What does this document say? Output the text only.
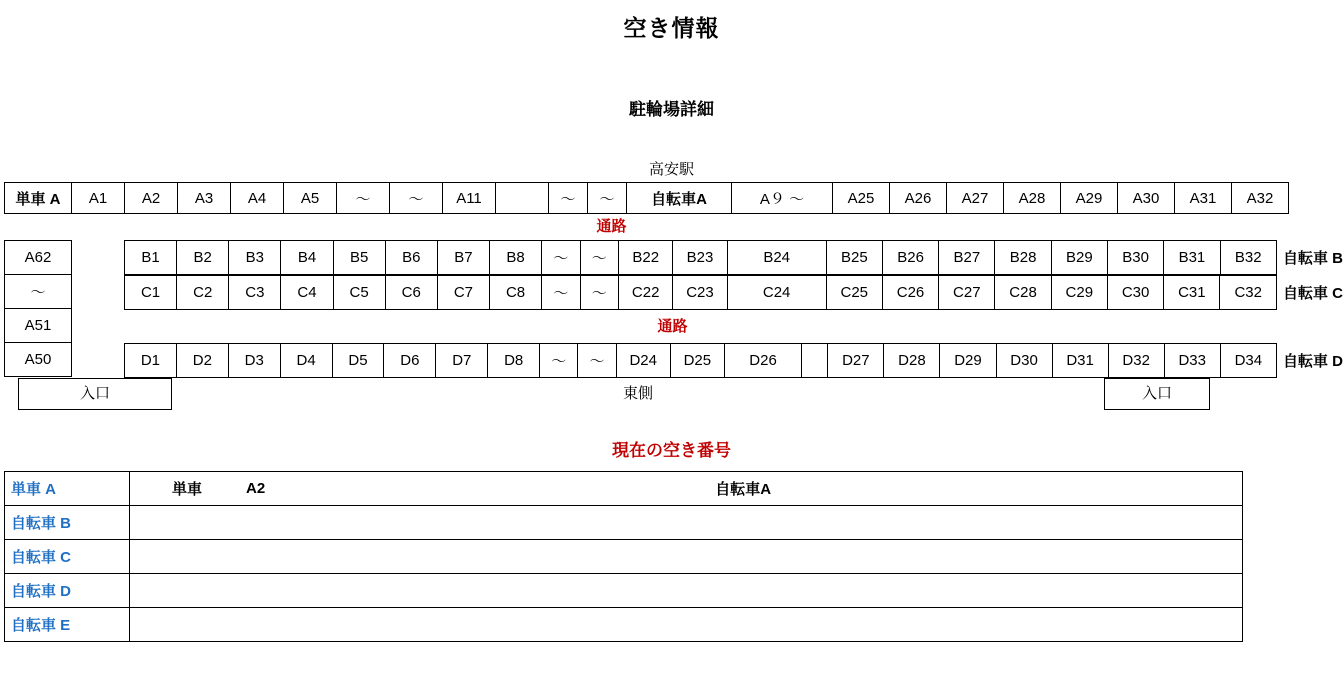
空き情報
駐輪場詳細
高安駅
単車 A	A1	A2	A3	A4	A5	〜	〜	A11		〜	〜	自転車A	A９ 〜	A25	A26	A27	A28	A29	A30	A31	A32
通路
A62
〜
A51
A50
B1	B2	B3	B4	B5	B6	B7	B8	〜	〜	B22	B23	B24	B25	B26	B27	B28	B29	B30	B31	B32	自転車 B
C1	C2	C3	C4	C5	C6	C7	C8	〜	〜	C22	C23	C24	C25	C26	C27	C28	C29	C30	C31	C32	自転車 C
通路
D1	D2	D3	D4	D5	D6	D7	D8	〜	〜	D24	D25	D26		D27	D28	D29	D30	D31	D32	D33	D34	自転車 D
入口	東側	入口
現在の空き番号
単車 A	単車 A2 自転車A

自転車 B	
自転車 C	
自転車 D	
自転車 E	
